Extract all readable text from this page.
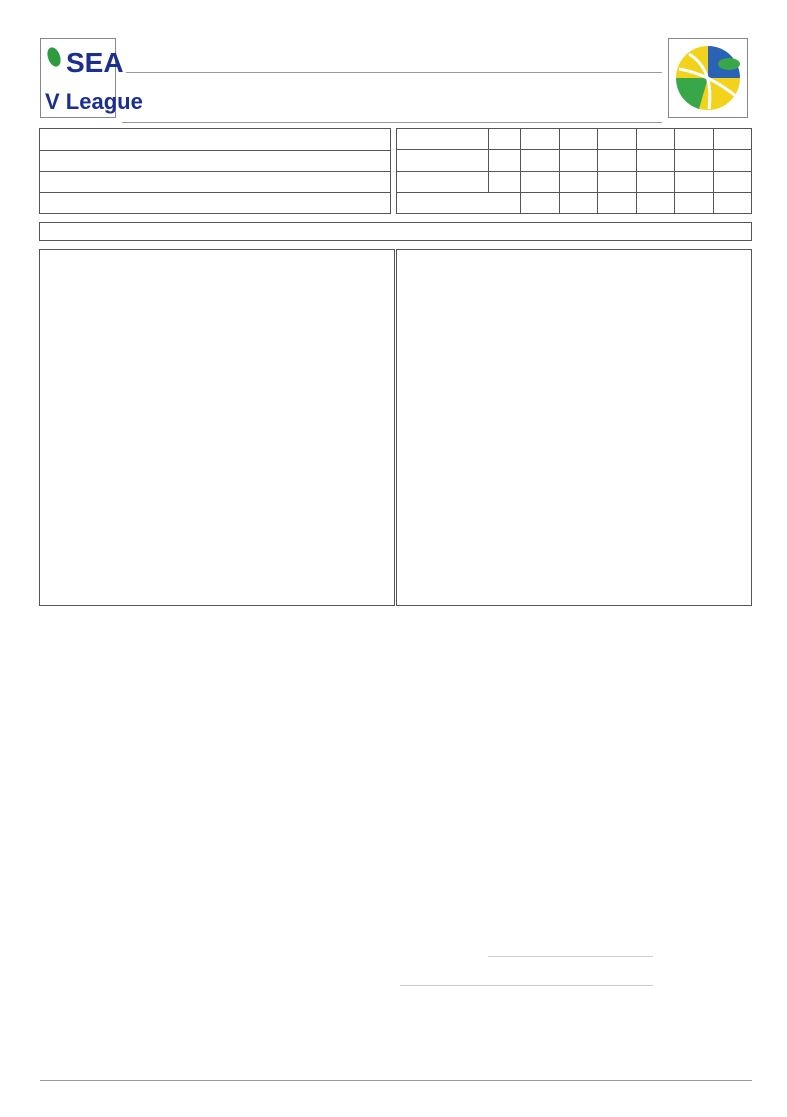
SEA
V League
